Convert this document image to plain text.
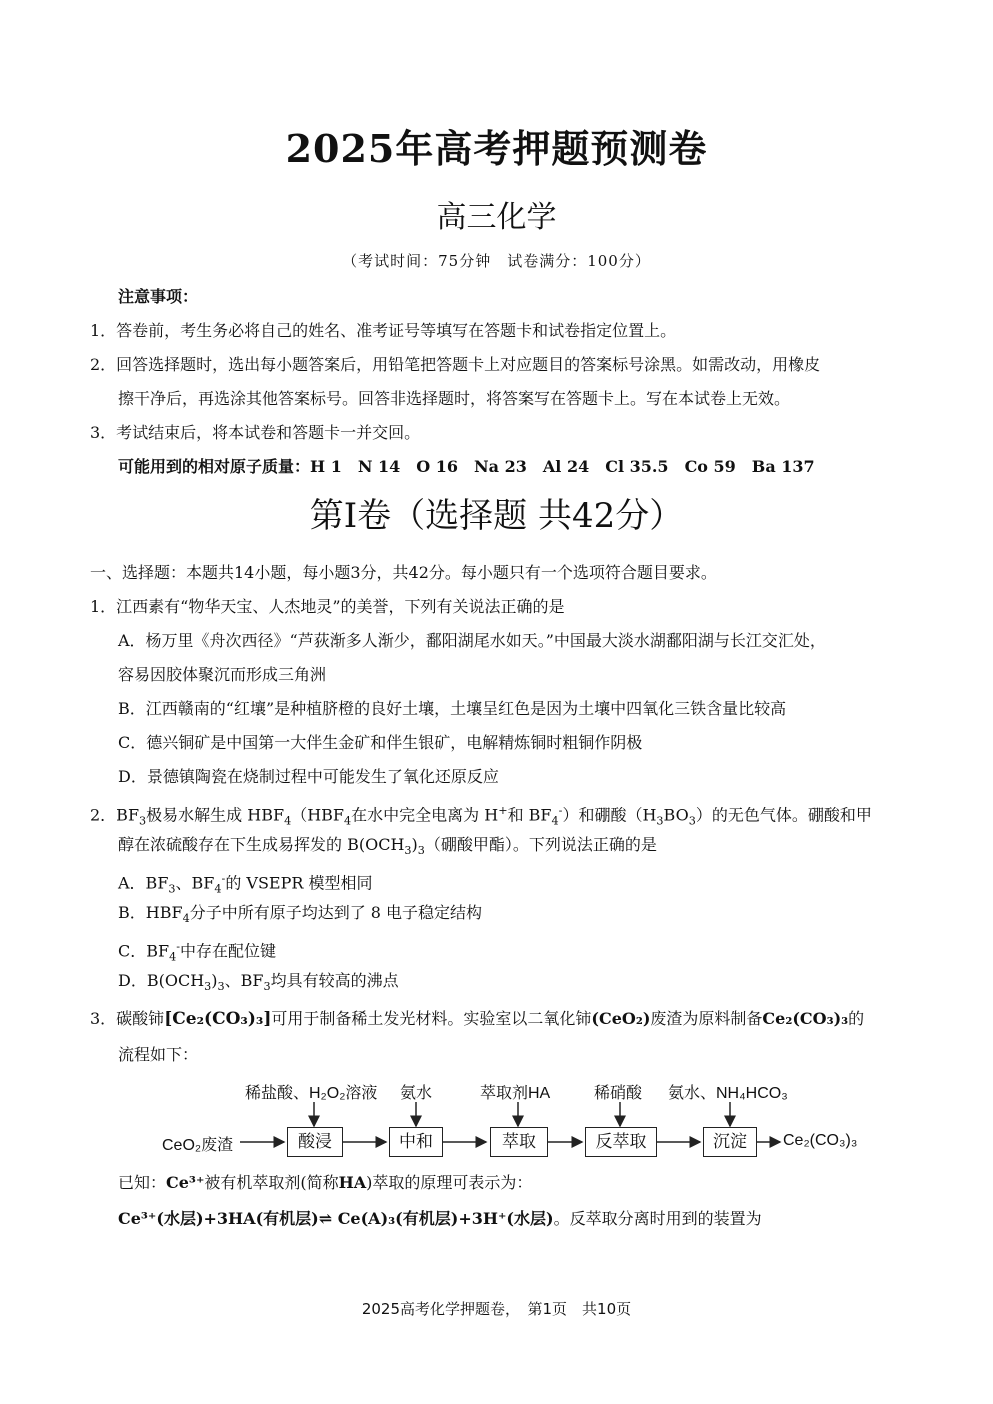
2025年高考押题预测卷
高三化学
（考试时间：75分钟　试卷满分：100分）
注意事项：
1．答卷前，考生务必将自己的姓名、准考证号等填写在答题卡和试卷指定位置上。
2．回答选择题时，选出每小题答案后，用铅笔把答题卡上对应题目的答案标号涂黑。如需改动，用橡皮
擦干净后，再选涂其他答案标号。回答非选择题时，将答案写在答题卡上。写在本试卷上无效。
3．考试结束后，将本试卷和答题卡一并交回。
可能用到的相对原子质量：H 1　N 14　O 16　Na 23　Al 24　Cl 35.5　Co 59　Ba 137
第I卷（选择题 共42分）
一、选择题：本题共14小题，每小题3分，共42分。每小题只有一个选项符合题目要求。
1．江西素有“物华天宝、人杰地灵”的美誉，下列有关说法正确的是
A．杨万里《舟次西径》“芦荻渐多人渐少，鄱阳湖尾水如天。”中国最大淡水湖鄱阳湖与长江交汇处，
容易因胶体聚沉而形成三角洲
B．江西赣南的“红壤”是种植脐橙的良好土壤，土壤呈红色是因为土壤中四氧化三铁含量比较高
C．德兴铜矿是中国第一大伴生金矿和伴生银矿，电解精炼铜时粗铜作阴极
D．景德镇陶瓷在烧制过程中可能发生了氧化还原反应
2．$BF_3$极易水解生成 $HBF_4(HBF_4$在水中完全电离为 H+和 $BF_4^-$）和硼酸$(H_3BO_3)$的无色气体。硼酸和甲
醇在浓硫酸存在下生成易挥发的 $B(OCH_3)_3$（硼酸甲酯）。下列说法正确的是
A．$BF_3$、$BF_4^-$的 VSEPR 模型相同
B．$HBF_4$分子中所有原子均达到了 8 电子稳定结构
C．$BF_4^-$中存在配位键
D．$B(OCH_3)_3$、$BF_3$均具有较高的沸点
3．碳酸铈[Ce₂(CO₃)₃]可用于制备稀土发光材料。实验室以二氧化铈(CeO₂)废渣为原料制备Ce₂(CO₃)₃的
流程如下：
稀盐酸、H₂O₂溶液 氨水	萃取剂HA	稀硝酸 氨水、NH₄HCO₃
CeO₂废渣	酸浸	中和	萃取	反萃取	沉淀	Ce₂(CO₃)₃
已知：Ce³⁺被有机萃取剂(简称HA)萃取的原理可表示为：
Ce³⁺(水层)+3HA(有机层)⇌ Ce(A)₃(有机层)+3H⁺(水层)。反萃取分离时用到的装置为
2025高考化学押题卷，　第1页　共10页
